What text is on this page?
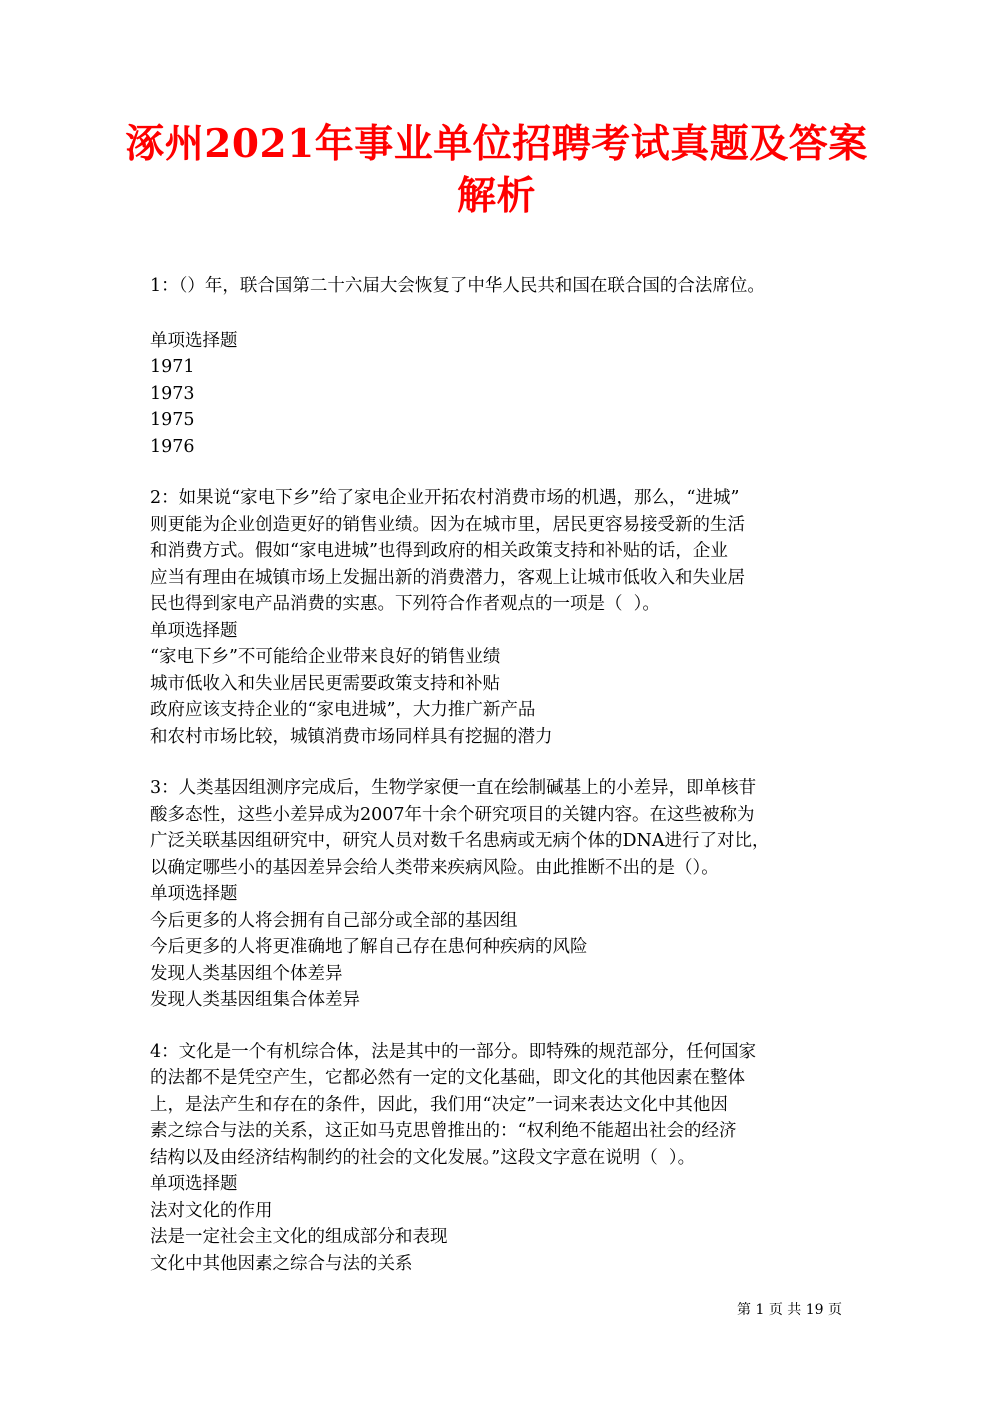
涿州2021年事业单位招聘考试真题及答案
解析
1：（）年，联合国第二十六届大会恢复了中华人民共和国在联合国的合法席位。
单项选择题
1971
1973
1975
1976
2：如果说“家电下乡”给了家电企业开拓农村消费市场的机遇，那么，“进城”
则更能为企业创造更好的销售业绩。因为在城市里，居民更容易接受新的生活
和消费方式。假如“家电进城”也得到政府的相关政策支持和补贴的话，企业
应当有理由在城镇市场上发掘出新的消费潜力，客观上让城市低收入和失业居
民也得到家电产品消费的实惠。下列符合作者观点的一项是（  ）。
单项选择题
“家电下乡”不可能给企业带来良好的销售业绩
城市低收入和失业居民更需要政策支持和补贴
政府应该支持企业的“家电进城”，大力推广新产品
和农村市场比较，城镇消费市场同样具有挖掘的潜力
3：人类基因组测序完成后，生物学家便一直在绘制碱基上的小差异，即单核苷
酸多态性，这些小差异成为2007年十余个研究项目的关键内容。在这些被称为
广泛关联基因组研究中，研究人员对数千名患病或无病个体的DNA进行了对比，
以确定哪些小的基因差异会给人类带来疾病风险。由此推断不出的是（）。
单项选择题
今后更多的人将会拥有自己部分或全部的基因组
今后更多的人将更准确地了解自己存在患何种疾病的风险
发现人类基因组个体差异
发现人类基因组集合体差异
4：文化是一个有机综合体，法是其中的一部分。即特殊的规范部分，任何国家
的法都不是凭空产生，它都必然有一定的文化基础，即文化的其他因素在整体
上，是法产生和存在的条件，因此，我们用“决定”一词来表达文化中其他因
素之综合与法的关系，这正如马克思曾推出的：“权利绝不能超出社会的经济
结构以及由经济结构制约的社会的文化发展。”这段文字意在说明（  ）。
单项选择题
法对文化的作用
法是一定社会主文化的组成部分和表现
文化中其他因素之综合与法的关系
第 1 页 共 19 页
